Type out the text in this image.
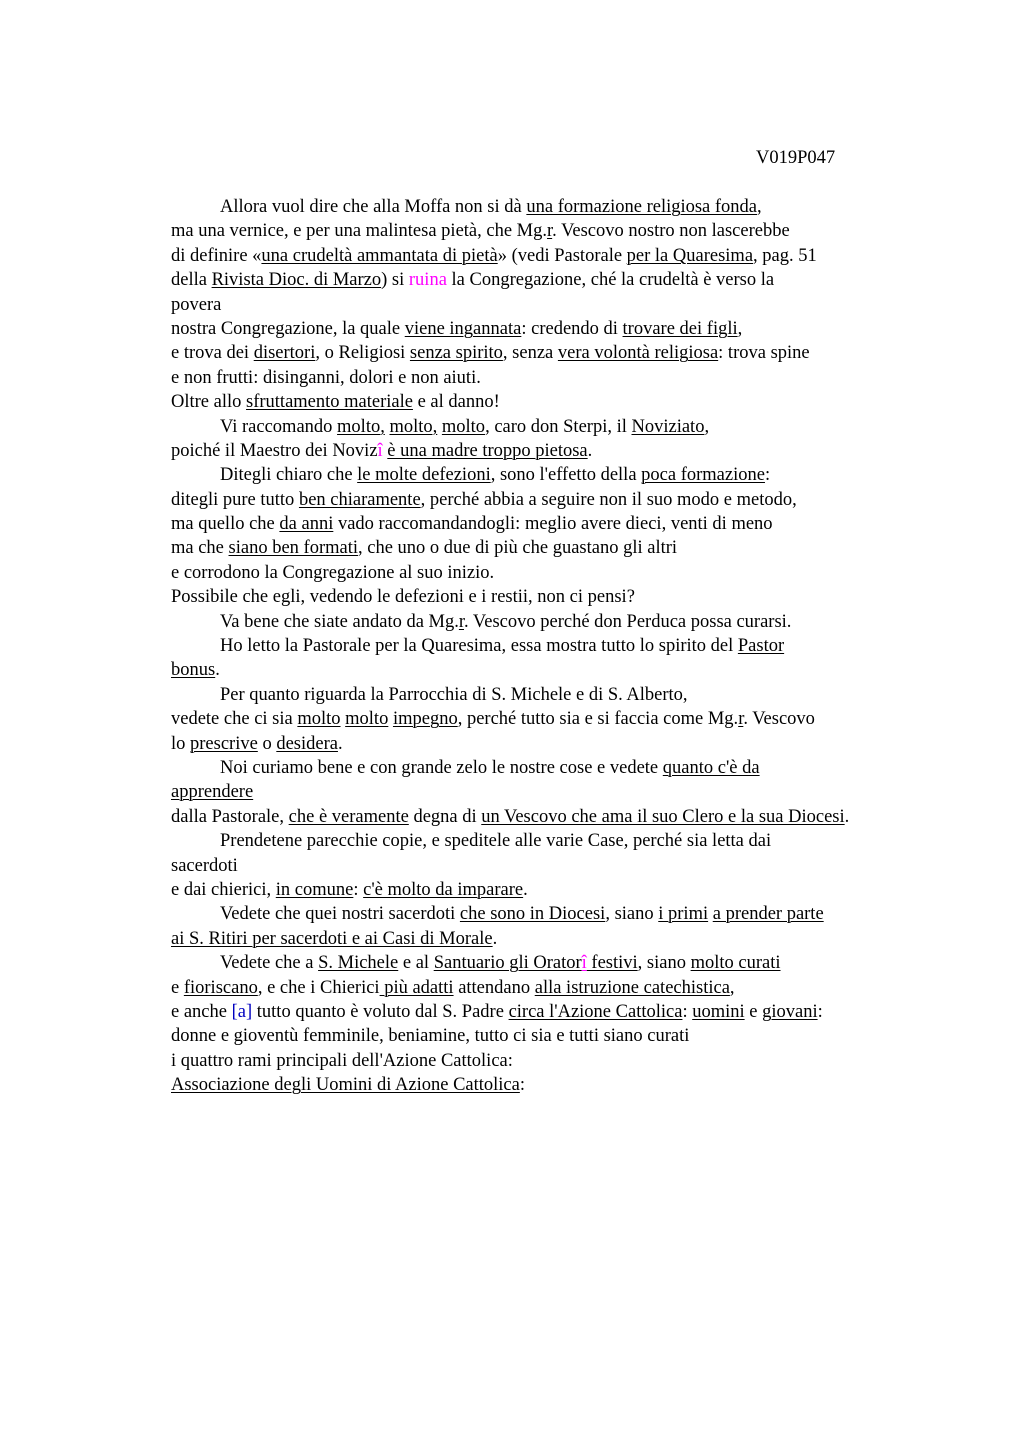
V019P047
Allora vuol dire che alla Moffa non si dà una formazione religiosa fonda,
ma una vernice, e per una malintesa pietà, che Mg.r. Vescovo nostro non lascerebbe
di definire «una crudeltà ammantata di pietà» (vedi Pastorale per la Quaresima, pag. 51
della Rivista Dioc. di Marzo) si ruina la Congregazione, ché la crudeltà è verso la
povera
nostra Congregazione, la quale viene ingannata: credendo di trovare dei figli,
e trova dei disertori, o Religiosi senza spirito, senza vera volontà religiosa: trova spine
e non frutti: disinganni, dolori e non aiuti.
Oltre allo sfruttamento materiale e al danno!
Vi raccomando molto, molto, molto, caro don Sterpi, il Noviziato,
poiché il Maestro dei Novizî è una madre troppo pietosa.
Ditegli chiaro che le molte defezioni, sono l'effetto della poca formazione:
ditegli pure tutto ben chiaramente, perché abbia a seguire non il suo modo e metodo,
ma quello che da anni vado raccomandandogli: meglio avere dieci, venti di meno
ma che siano ben formati, che uno o due di più che guastano gli altri
e corrodono la Congregazione al suo inizio.
Possibile che egli, vedendo le defezioni e i restii, non ci pensi?
Va bene che siate andato da Mg.r. Vescovo perché don Perduca possa curarsi.
Ho letto la Pastorale per la Quaresima, essa mostra tutto lo spirito del Pastor
bonus.
Per quanto riguarda la Parrocchia di S. Michele e di S. Alberto,
vedete che ci sia molto molto impegno, perché tutto sia e si faccia come Mg.r. Vescovo
lo prescrive o desidera.
Noi curiamo bene e con grande zelo le nostre cose e vedete quanto c'è da
apprendere
dalla Pastorale, che è veramente degna di un Vescovo che ama il suo Clero e la sua Diocesi.
Prendetene parecchie copie, e speditele alle varie Case, perché sia letta dai
sacerdoti
e dai chierici, in comune: c'è molto da imparare.
Vedete che quei nostri sacerdoti che sono in Diocesi, siano i primi a prender parte
ai S. Ritiri per sacerdoti e ai Casi di Morale.
Vedete che a S. Michele e al Santuario gli Oratorî festivi, siano molto curati
e fioriscano, e che i Chierici più adatti attendano alla istruzione catechistica,
e anche [a] tutto quanto è voluto dal S. Padre circa l'Azione Cattolica: uomini e giovani:
donne e gioventù femminile, beniamine, tutto ci sia e tutti siano curati
i quattro rami principali dell'Azione Cattolica:
Associazione degli Uomini di Azione Cattolica:
